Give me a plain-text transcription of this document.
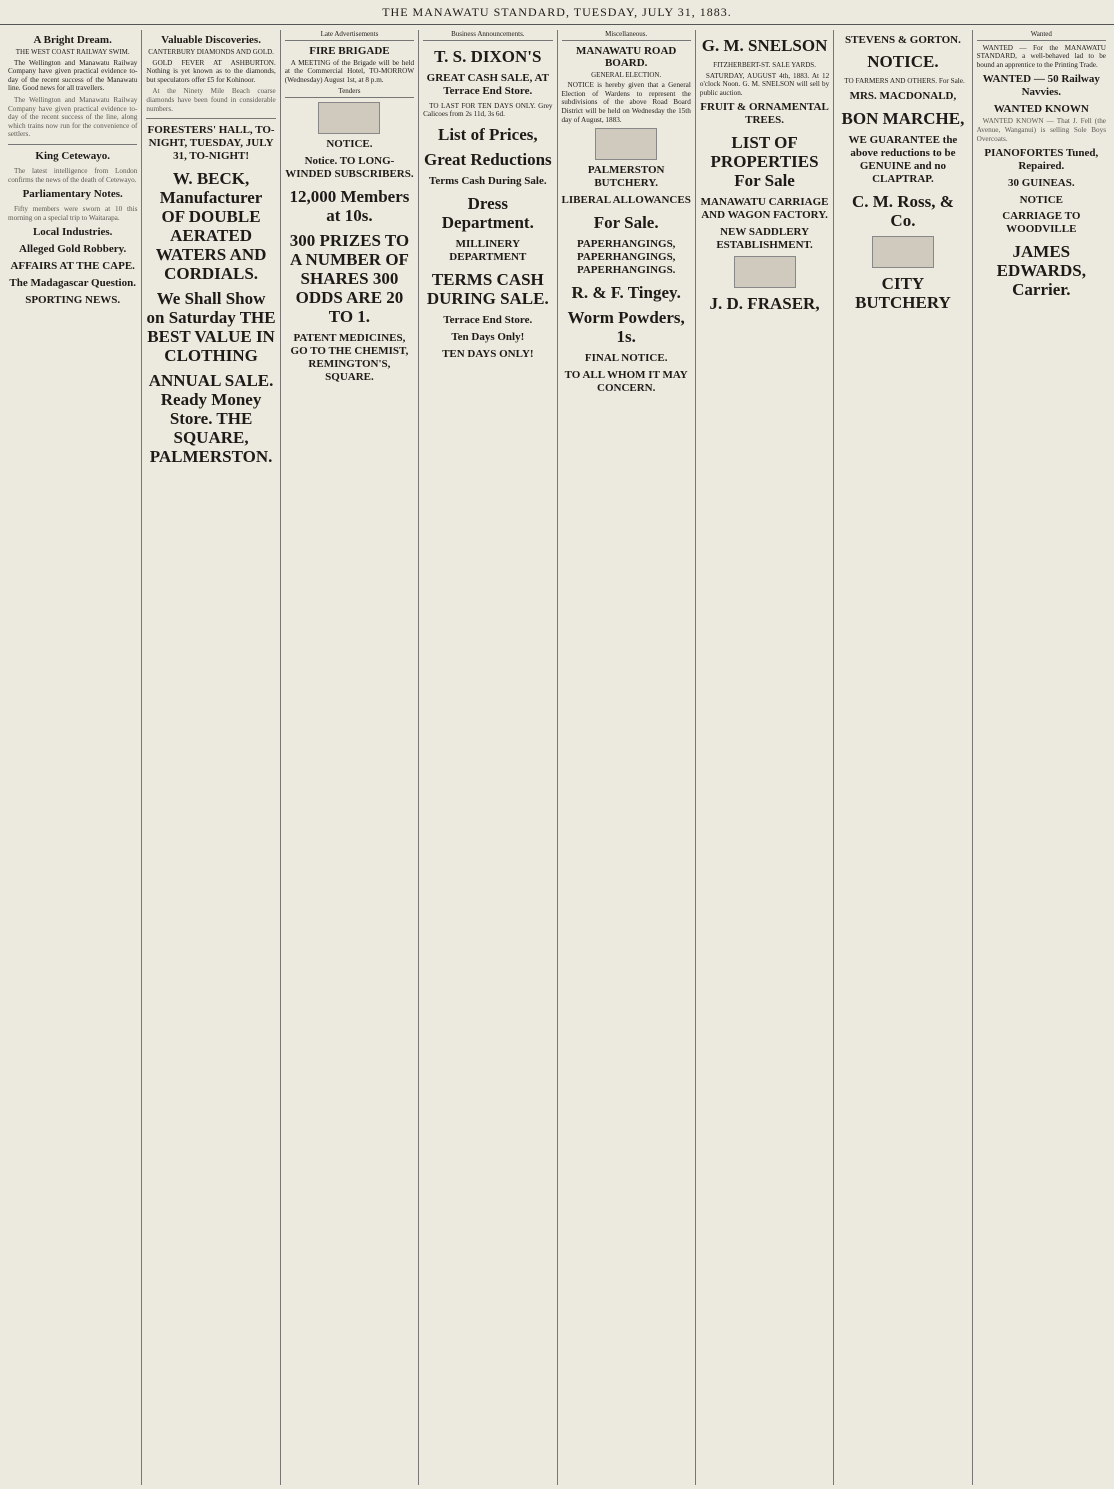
THE MANAWATU STANDARD, TUESDAY, JULY 31, 1883.
A Bright Dream.
THE WEST COAST RAILWAY SWIM.

The Wellington and Manawatu Railway Company have given practical evidence to-day of the recent success of the Manawatu line. Good news for all travellers.

The Wellington and Manawatu Railway Company have given practical evidence to-day of the recent success of the line, along which trains now run for the convenience of settlers.

King Cetewayo.

The latest intelligence from London confirms the news of the death of Cetewayo.

Parliamentary Notes.

Fifty members were sworn at 10 this morning on a special trip to Waitarapa.

Local Industries.
Alleged Gold Robbery.
AFFAIRS AT THE CAPE.
The Madagascar Question.
SPORTING NEWS.
Valuable Discoveries.
CANTERBURY DIAMONDS AND GOLD.

GOLD FEVER AT ASHBURTON. Nothing is yet known as to the diamonds, but speculators offer £5 for Kohinoor.

At the Ninety Mile Beach coarse diamonds have been found in considerable numbers.

FORESTERS' HALL, TO-NIGHT, TUESDAY, JULY 31, TO-NIGHT!
W. BECK, Manufacturer OF DOUBLE AERATED WATERS AND CORDIALS.
We Shall Show on Saturday THE BEST VALUE IN CLOTHING
ANNUAL SALE. Ready Money Store. THE SQUARE, PALMERSTON.
Late Advertisements
FIRE BRIGADE

A MEETING of the Brigade will be held at the Commercial Hotel, TO-MORROW (Wednesday) August 1st, at 8 p.m.

Tenders
NOTICE.
Notice. TO LONG-WINDED SUBSCRIBERS.
12,000 Members at 10s.
300 PRIZES TO A NUMBER OF SHARES 300 ODDS ARE 20 TO 1.
PATENT MEDICINES, GO TO THE CHEMIST, REMINGTON'S, SQUARE.
Business Announcements.
T. S. DIXON'S
GREAT CASH SALE, AT Terrace End Store.

TO LAST FOR TEN DAYS ONLY. Grey Calicoes from 2s 11d, 3s 6d.

List of Prices,
Great Reductions
Terms Cash During Sale.
Dress Department.
MILLINERY DEPARTMENT
TERMS CASH DURING SALE.
Terrace End Store.
Ten Days Only!
TEN DAYS ONLY!
Miscellaneous.
MANAWATU ROAD BOARD.
GENERAL ELECTION.

NOTICE is hereby given that a General Election of Wardens to represent the subdivisions of the above Road Board District will be held on Wednesday the 15th day of August, 1883.

PALMERSTON BUTCHERY.
LIBERAL ALLOWANCES
For Sale.
PAPERHANGINGS, PAPERHANGINGS, PAPERHANGINGS.
R. & F. Tingey.
Worm Powders, 1s.
FINAL NOTICE.
TO ALL WHOM IT MAY CONCERN.
G. M. SNELSON
FITZHERBERT-ST. SALE YARDS.

SATURDAY, AUGUST 4th, 1883. At 12 o'clock Noon. G. M. SNELSON will sell by public auction.

FRUIT & ORNAMENTAL TREES.
LIST OF PROPERTIES For Sale
MANAWATU CARRIAGE AND WAGON FACTORY.
NEW SADDLERY ESTABLISHMENT.
J. D. FRASER,
STEVENS & GORTON.
NOTICE.

TO FARMERS AND OTHERS. For Sale.

MRS. MACDONALD,
BON MARCHE,
WE GUARANTEE the above reductions to be GENUINE and no CLAPTRAP.
C. M. Ross, & Co.
CITY BUTCHERY
Wanted

WANTED — For the MANAWATU STANDARD, a well-behaved lad to be bound an apprentice to the Printing Trade.

WANTED — 50 Railway Navvies.
WANTED KNOWN

WANTED KNOWN — That J. Fell (the Avenue, Wanganui) is selling Sole Boys Overcoats.

PIANOFORTES Tuned, Repaired.
30 GUINEAS.
NOTICE
CARRIAGE TO WOODVILLE
JAMES EDWARDS, Carrier.
